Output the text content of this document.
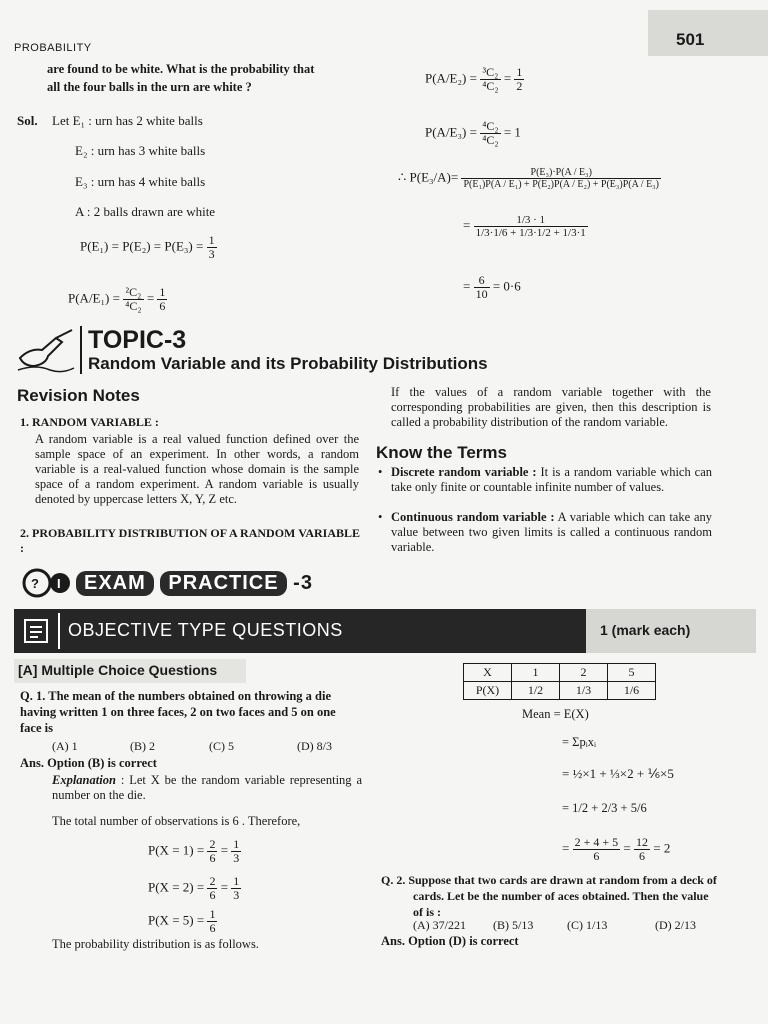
PROBABILITY	501
are found to be white. What is the probability that
all the four balls in the urn are white ?
Sol. Let E₁ : urn has 2 white balls
E₂ : urn has 3 white balls
E₃ : urn has 4 white balls
A : 2 balls drawn are white
$P(E_1) = P(E_2) = P(E_3) = \frac{1}{3}$
$P(A/E_1) = \frac{\text{²C₂}}{\text{⁴C₂}} = \frac{1}{6}$
$P(A/E_2) = \frac{\text{³C₂}}{\text{⁴C₂}} = \frac{1}{2}$
$P(A/E_3) = \frac{\text{⁴C₂}}{\text{⁴C₂}} = 1$
∴ $P(E_3/A)= \frac{\text{P(E₃)·P(A / E₃)}}{\text{P(E₁)P(A / E₁) + P(E₂)P(A / E₂) + P(E₃)P(A / E₃)}}$
= $\frac{1/3 \cdot 1}{1/3\cdot 1/6 + 1/3\cdot 1/2 + 1/3\cdot 1}$
= $\frac{6}{10} = 0\cdot 6$
TOPIC-3
Random Variable and its Probability Distributions
Revision Notes
1. RANDOM VARIABLE :
A random variable is a real valued function defined over the sample space of an experiment. In other words, a random variable is a real-valued function whose domain is the sample space of a random experiment. A random variable is usually denoted by uppercase letters X, Y, Z etc.
2. PROBABILITY DISTRIBUTION OF A RANDOM VARIABLE :
If the values of a random variable together with the corresponding probabilities are given, then this description is called a probability distribution of the random variable.
Know the Terms
• Discrete random variable : It is a random variable which can take only finite or countable infinite number of values.
• Continuous random variable : A variable which can take any value between two given limits is called a continuous random variable.
? I	EXAM PRACTICE -3
OBJECTIVE TYPE QUESTIONS	1 (mark each)
[A] Multiple Choice Questions
Q. 1. The mean of the numbers obtained on throwing a die having written 1 on three faces, 2 on two faces and 5 on one face is
(A) 1	(B) 2	(C) 5	(D) 8/3
Ans. Option (B) is correct
Explanation : Let X be the random variable representing a number on the die.
The total number of observations is 6 . Therefore,
$P(X = 1) = \frac{2}{6} = \frac{1}{3}$
$P(X = 2) = \frac{2}{6} = \frac{1}{3}$
$P(X = 5) = \frac{1}{6}$
The probability distribution is as follows.
X	1	2	5
P(X)	1/2	1/3	1/6
Mean = E(X)
= Σpᵢxᵢ
= ½×1 + ⅓×2 + ⅙×5
= 1/2 + 2/3 + 5/6
= $\frac{2 + 4 + 5}{6} = \frac{12}{6} = 2$
Q. 2. Suppose that two cards are drawn at random from a deck of cards. Let be the number of aces obtained. Then the value of is :
(A) 37/221 (B) 5/13	(C) 1/13	(D) 2/13
Ans. Option (D) is correct
